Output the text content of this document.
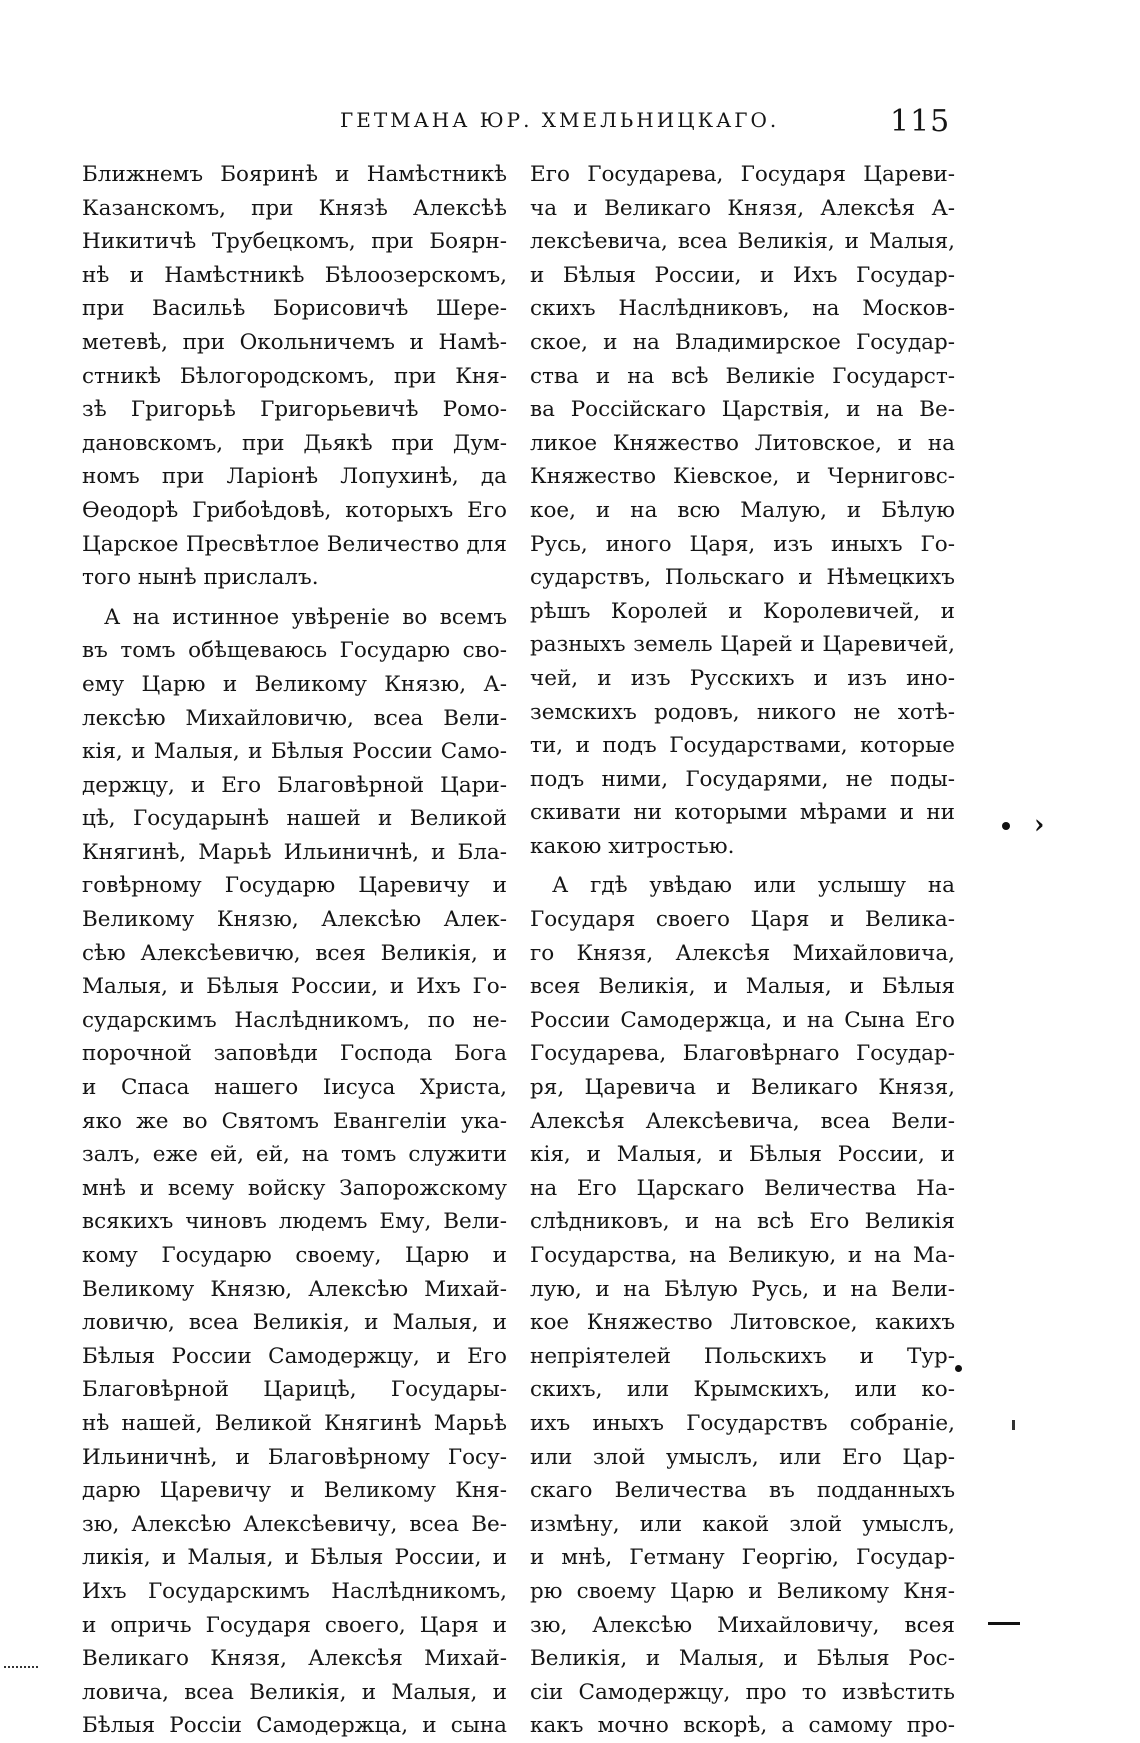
ГЕТМАНА ЮР. ХМЕЛЬНИЦКАГО.	115
Ближнемъ Бояринѣ и Намѣстникѣ
Казанскомъ, при Князѣ Алексѣѣ
Никитичѣ Трубецкомъ, при Боярн-
нѣ и Намѣстникѣ Бѣлоозерскомъ,
при Васильѣ Борисовичѣ Шере-
метевѣ, при Окольничемъ и Намѣ-
стникѣ Бѣлогородскомъ, при Кня-
зѣ Григорьѣ Григорьевичѣ Ромо-
дановскомъ, при Дьякѣ при Дум-
номъ при Ларіонѣ Лопухинѣ, да
Ѳеодорѣ Грибоѣдовѣ, которыхъ Его
Царское Пресвѣтлое Величество для
того нынѣ прислалъ.
А на истинное увѣреніе во всемъ
въ томъ обѣщеваюсь Государю сво-
ему Царю и Великому Князю, А-
лексѣю Михайловичю, всеа Вели-
кія, и Малыя, и Бѣлыя России Само-
держцу, и Его Благовѣрной Цари-
цѣ, Государынѣ нашей и Великой
Княгинѣ, Марьѣ Ильиничнѣ, и Бла-
говѣрному Государю Царевичу и
Великому Князю, Алексѣю Алек-
сѣю Алексѣевичю, всея Великія, и
Малыя, и Бѣлыя России, и Ихъ Го-
сударскимъ Наслѣдникомъ, по не-
порочной заповѣди Господа Бога
и Спаса нашего Іисуса Христа,
яко же во Святомъ Евангеліи ука-
залъ, еже ей, ей, на томъ служити
мнѣ и всему войску Запорожскому
всякихъ чиновъ людемъ Ему, Вели-
кому Государю своему, Царю и
Великому Князю, Алексѣю Михай-
ловичю, всеа Великія, и Малыя, и
Бѣлыя России Самодержцу, и Его
Благовѣрной Царицѣ, Государы-
нѣ нашей, Великой Княгинѣ Марьѣ
Ильиничнѣ, и Благовѣрному Госу-
дарю Царевичу и Великому Кня-
зю, Алексѣю Алексѣевичу, всеа Ве-
ликія, и Малыя, и Бѣлыя России, и
Ихъ Государскимъ Наслѣдникомъ,
и опричь Государя своего, Царя и
Великаго Князя, Алексѣя Михай-
ловича, всеа Великія, и Малыя, и
Бѣлыя Россіи Самодержца, и сына
Его Государева, Государя Цареви-
ча и Великаго Князя, Алексѣя А-
лексѣевича, всеа Великія, и Малыя,
и Бѣлыя России, и Ихъ Государ-
скихъ Наслѣдниковъ, на Москов-
ское, и на Владимирское Государ-
ства и на всѣ Великіе Государст-
ва Россійскаго Царствія, и на Ве-
ликое Княжество Литовское, и на
Княжество Кіевское, и Черниговс-
кое, и на всю Малую, и Бѣлую
Русь, иного Царя, изъ иныхъ Го-
сударствъ, Польскаго и Нѣмецкихъ
рѣшъ Королей и Королевичей, и
разныхъ земель Царей и Царевичей,
чей, и изъ Русскихъ и изъ ино-
земскихъ родовъ, никого не хотѣ-
ти, и подъ Государствами, которые
подъ ними, Государями, не поды-
скивати ни которыми мѣрами и ни
какою хитростью.
А гдѣ увѣдаю или услышу на
Государя своего Царя и Велика-
го Князя, Алексѣя Михайловича,
всея Великія, и Малыя, и Бѣлыя
России Самодержца, и на Сына Его
Государева, Благовѣрнаго Государ-
ря, Царевича и Великаго Князя,
Алексѣя Алексѣевича, всеа Вели-
кія, и Малыя, и Бѣлыя России, и
на Его Царскаго Величества На-
слѣдниковъ, и на всѣ Его Великія
Государства, на Великую, и на Ма-
лую, и на Бѣлую Русь, и на Вели-
кое Княжество Литовское, какихъ
непріятелей Польскихъ и Тур-
скихъ, или Крымскихъ, или ко-
ихъ иныхъ Государствъ собраніе,
или злой умыслъ, или Его Цар-
скаго Величества въ подданныхъ
измѣну, или какой злой умыслъ,
и мнѣ, Гетману Георгію, Государ-
рю своему Царю и Великому Кня-
зю, Алексѣю Михайловичу, всея
Великія, и Малыя, и Бѣлыя Рос-
сіи Самодержцу, про то извѣстить
какъ мочно вскорѣ, а самому про-
›
